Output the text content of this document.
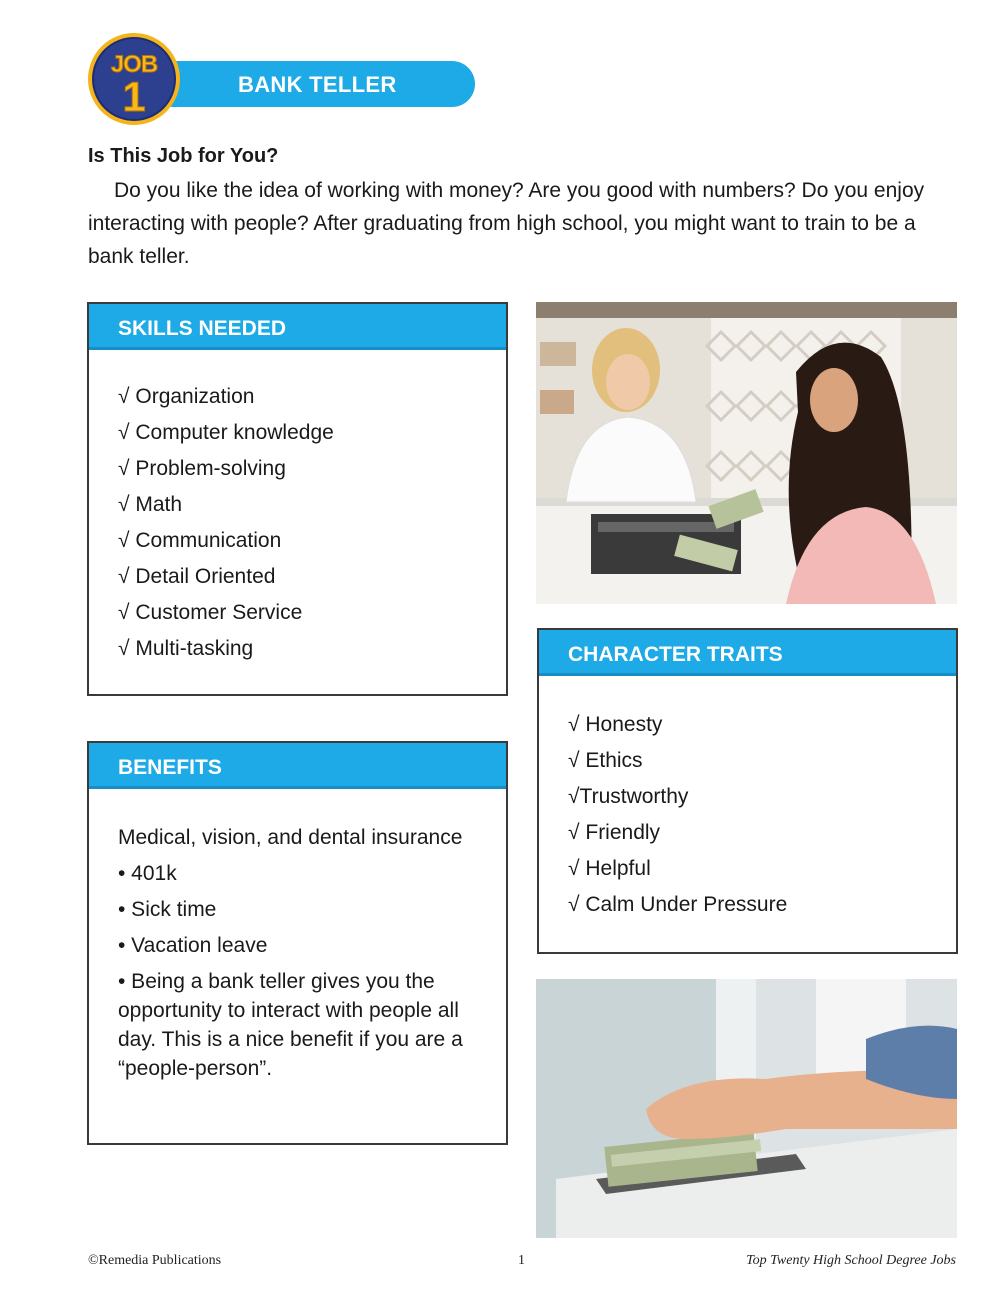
BANK TELLER
JOB
1
Is This Job for You?
Do you like the idea of working with money? Are you good with numbers? Do you enjoy interacting with people? After graduating from high school, you might want to train to be a bank teller.
SKILLS NEEDED
√ Organization
√ Computer knowledge
√ Problem-solving
√ Math
√ Communication
√ Detail Oriented
√ Customer Service
√ Multi-tasking	CHARACTER TRAITS
√ Honesty
√ Ethics
√Trustworthy
√ Friendly
√ Helpful
√ Calm Under Pressure
BENEFITS
Medical, vision, and dental insurance
• 401k
• Sick time
• Vacation leave
• Being a bank teller gives you the opportunity to interact with people all day. This is a nice benefit if you are a “people-person”.
©Remedia Publications	1	Top Twenty High School Degree Jobs
